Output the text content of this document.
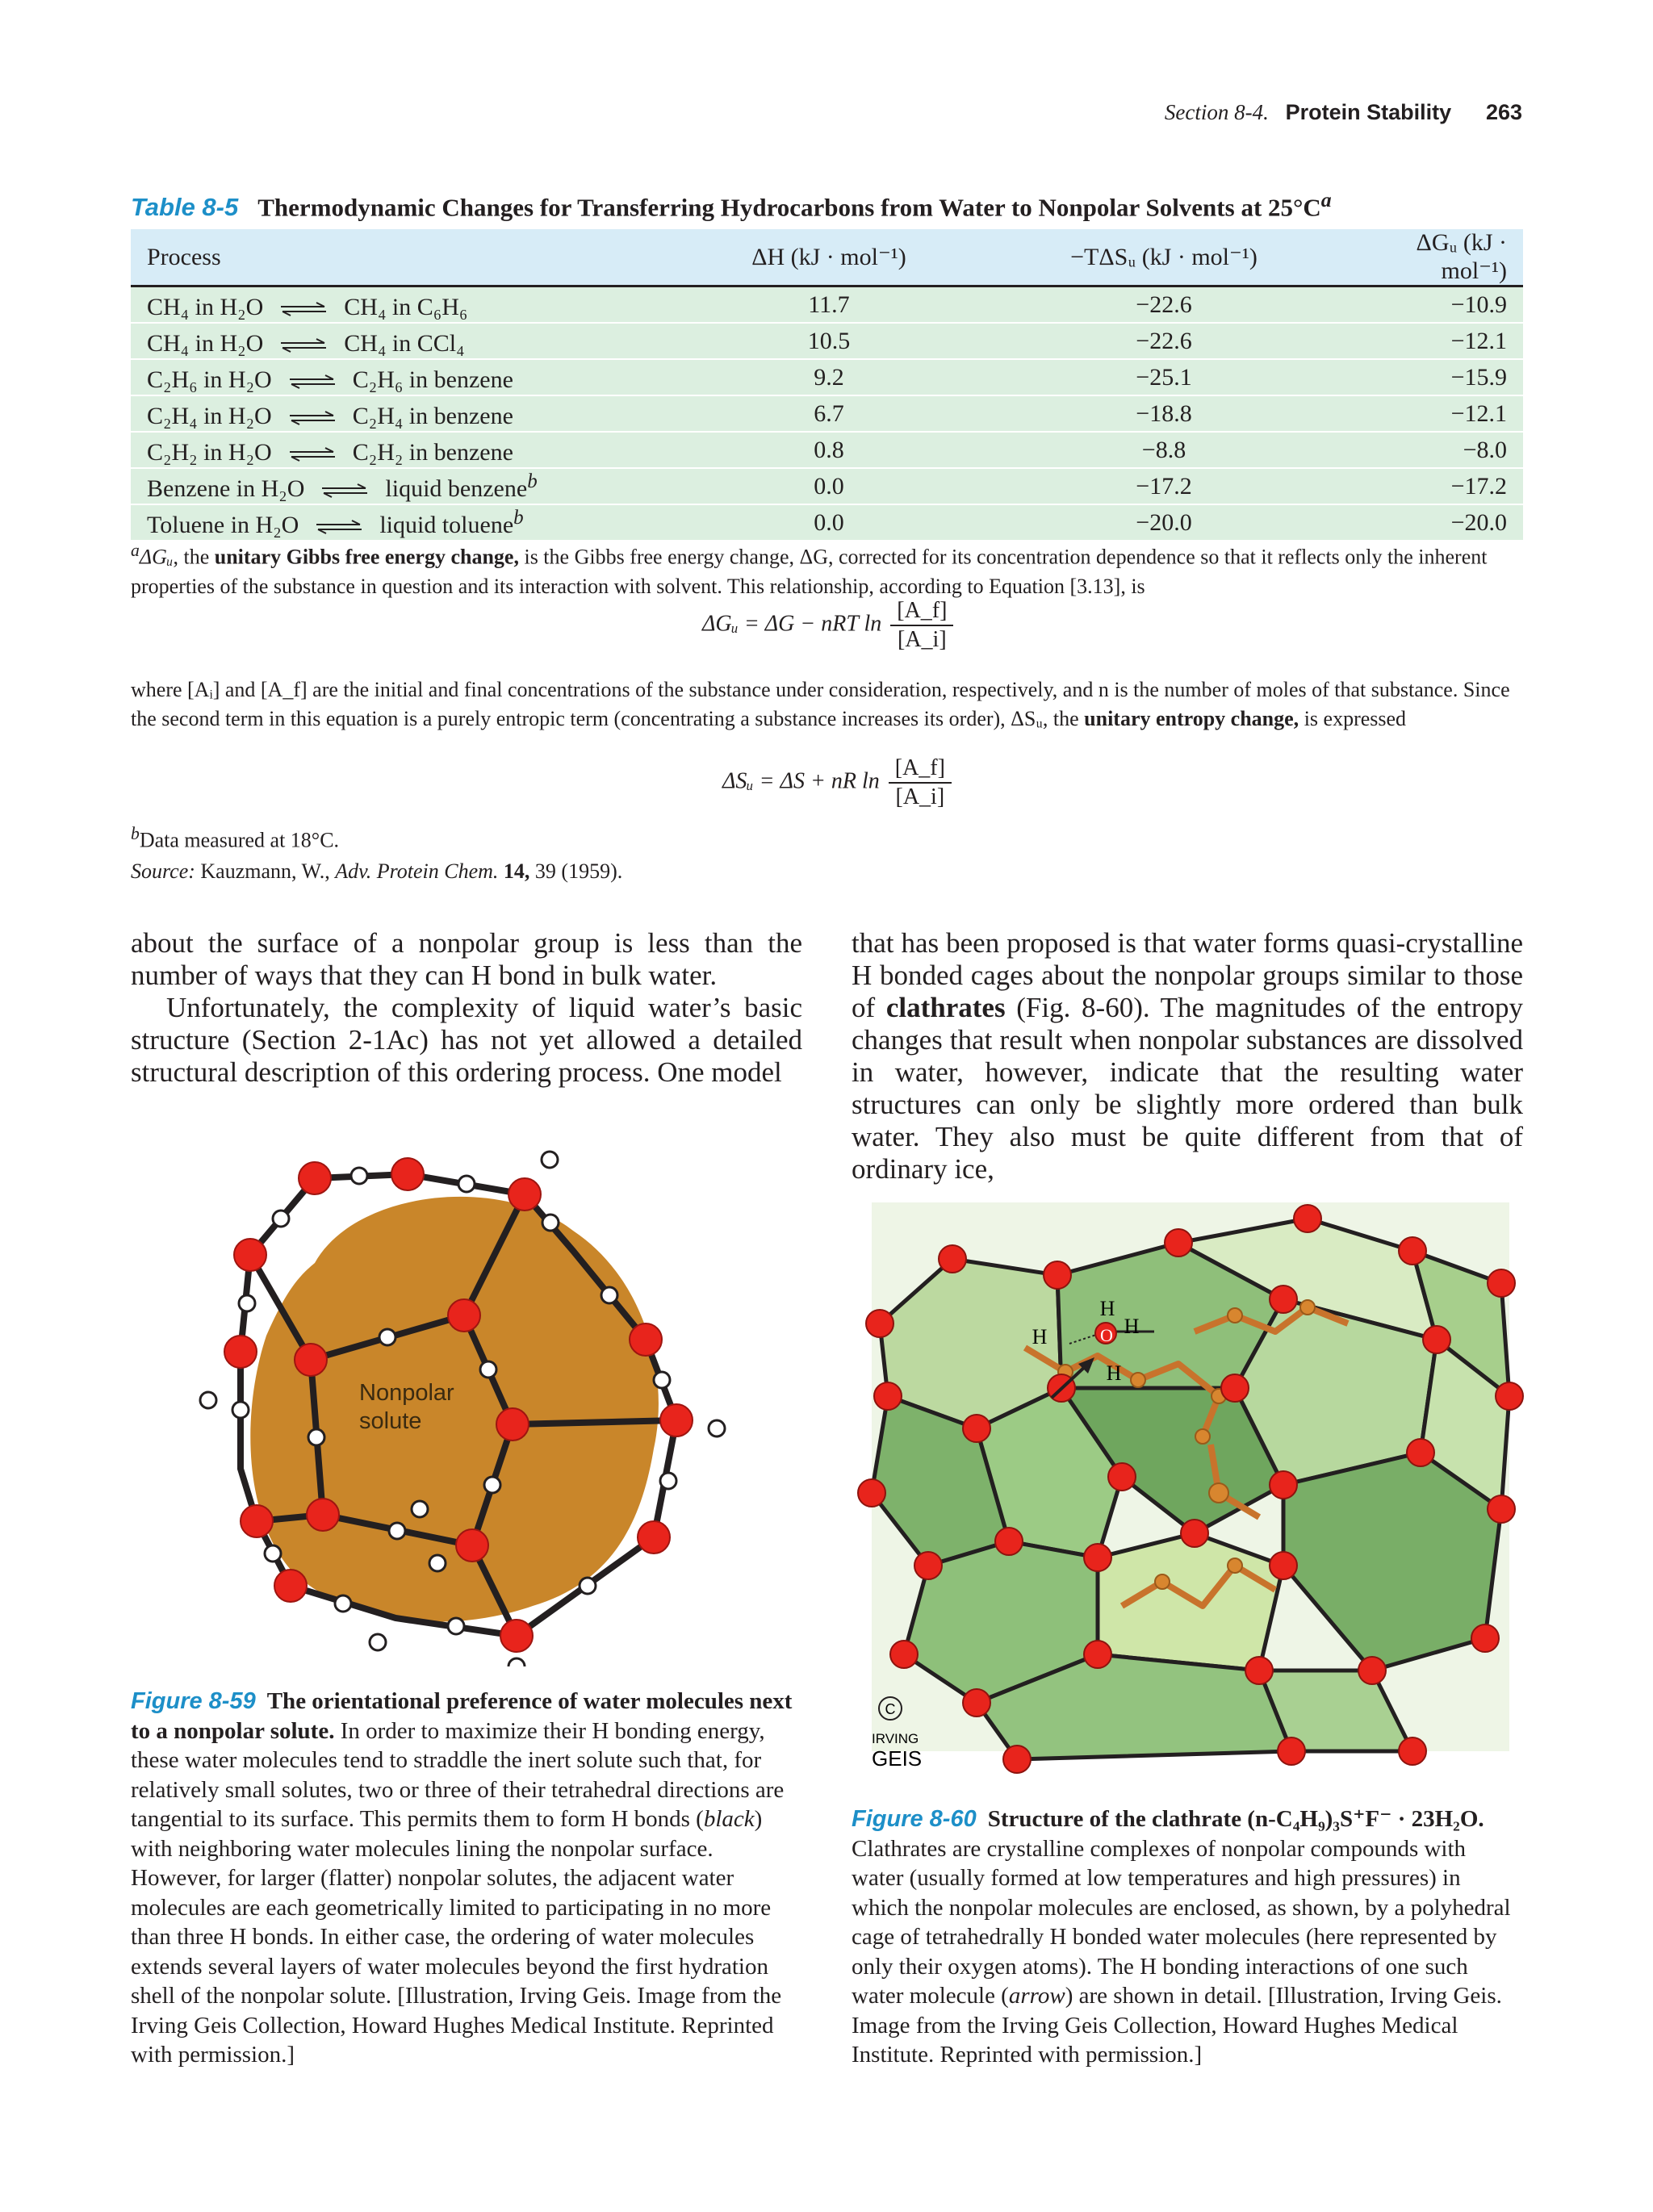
Section 8-4. Protein Stability 263
Table 8-5 Thermodynamic Changes for Transferring Hydrocarbons from Water to Nonpolar Solvents at $25^\circ C^a$
Process	ΔH (kJ · mol⁻¹)	−TΔSᵤ (kJ · mol⁻¹)	ΔGᵤ (kJ · mol⁻¹)
CH₄ in H₂O ⇌ CH₄ in C₆H₆	11.7	−22.6	−10.9
CH₄ in H₂O ⇌ CH₄ in CCl₄	10.5	−22.6	−12.1
C₂H₆ in H₂O ⇌ C₂H₆ in benzene	9.2	−25.1	−15.9
C₂H₄ in H₂O ⇌ C₂H₄ in benzene	6.7	−18.8	−12.1
C₂H₂ in H₂O ⇌ C₂H₂ in benzene	0.8	−8.8	−8.0
Benzene in H₂O ⇌ liquid benzene$^b$	0.0	−17.2	−17.2
Toluene in H₂O ⇌ liquid toluene$^b$	0.0	−20.0	−20.0
$^a$ΔGᵤ, the unitary Gibbs free energy change, is the Gibbs free energy change, ΔG, corrected for its concentration dependence so that it reflects only the inherent properties of the substance in question and its interaction with solvent. This relationship, according to Equation [3.13], is
ΔGᵤ = ΔG − nRT $\ln \frac{[A\_f]}{[A\_i]}$
where [Aᵢ] and [A_f] are the initial and final concentrations of the substance under consideration, respectively, and n is the number of moles of that substance. Since the second term in this equation is a purely entropic term (concentrating a substance increases its order), ΔSᵤ, the unitary entropy change, is expressed
ΔSᵤ = ΔS + nR $\ln \frac{[A\_f]}{[A\_i]}$
$^b$Data measured at 18°C.
Source: Kauzmann, W., Adv. Protein Chem. 14, 39 (1959).
about the surface of a nonpolar group is less than the number of ways that they can H bond in bulk water.
Unfortunately, the complexity of liquid water’s basic structure (Section 2-1Ac) has not yet allowed a detailed structural description of this ordering process. One model
that has been proposed is that water forms quasi-crystalline H bonded cages about the nonpolar groups similar to those of clathrates (Fig. 8-60). The magnitudes of the entropy changes that result when nonpolar substances are dissolved in water, however, indicate that the resulting water structures can only be slightly more ordered than bulk water. They also must be quite different from that of ordinary ice,
Nonpolar
solute
H
H
H	O
H
C
IRVING
GEIS
Figure 8-59 The orientational preference of water molecules next to a nonpolar solute. In order to maximize their H bonding energy, these water molecules tend to straddle the inert solute such that, for relatively small solutes, two or three of their tetrahedral directions are tangential to its surface. This permits them to form H bonds (black) with neighboring water molecules lining the nonpolar surface. However, for larger (flatter) nonpolar solutes, the adjacent water molecules are each geometrically limited to participating in no more than three H bonds. In either case, the ordering of water molecules extends several layers of water molecules beyond the first hydration shell of the nonpolar solute. [Illustration, Irving Geis. Image from the Irving Geis Collection, Howard Hughes Medical Institute. Reprinted with permission.]
Figure 8-60 Structure of the clathrate (n-C₄H₉)₃S⁺F⁻ · 23H₂O. Clathrates are crystalline complexes of nonpolar compounds with water (usually formed at low temperatures and high pressures) in which the nonpolar molecules are enclosed, as shown, by a polyhedral cage of tetrahedrally H bonded water molecules (here represented by only their oxygen atoms). The H bonding interactions of one such water molecule (arrow) are shown in detail. [Illustration, Irving Geis. Image from the Irving Geis Collection, Howard Hughes Medical Institute. Reprinted with permission.]
